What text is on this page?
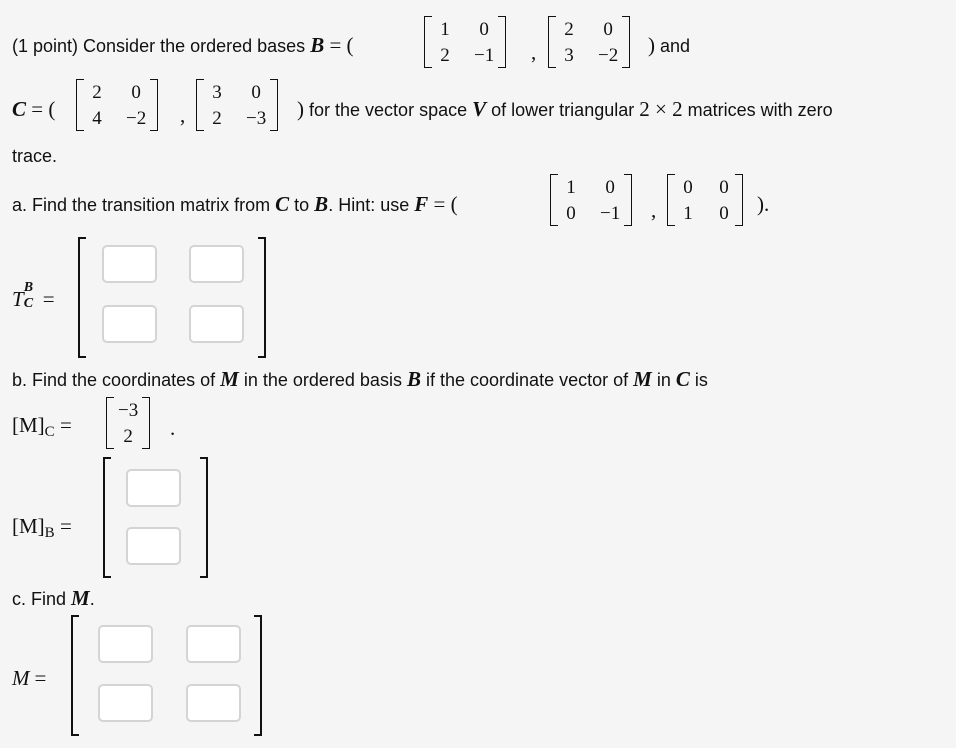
(1 point) Consider the ordered bases B = (
1 0
2 −1 ,
2 0
3 −2 ) and
C = (
2 0
4 −2 ,
3 0
2 −3 ) for the vector space V of lower triangular 2 × 2 matrices with zero
trace.
a. Find the transition matrix from C to B. Hint: use F = (
1 0
0 −1 ,
0 0
1 0 ).
T B
C =
b. Find the coordinates of M in the ordered basis B if the coordinate vector of M in C is
[M]C =
−3
2 .
[M]B =
c. Find M.
M =
